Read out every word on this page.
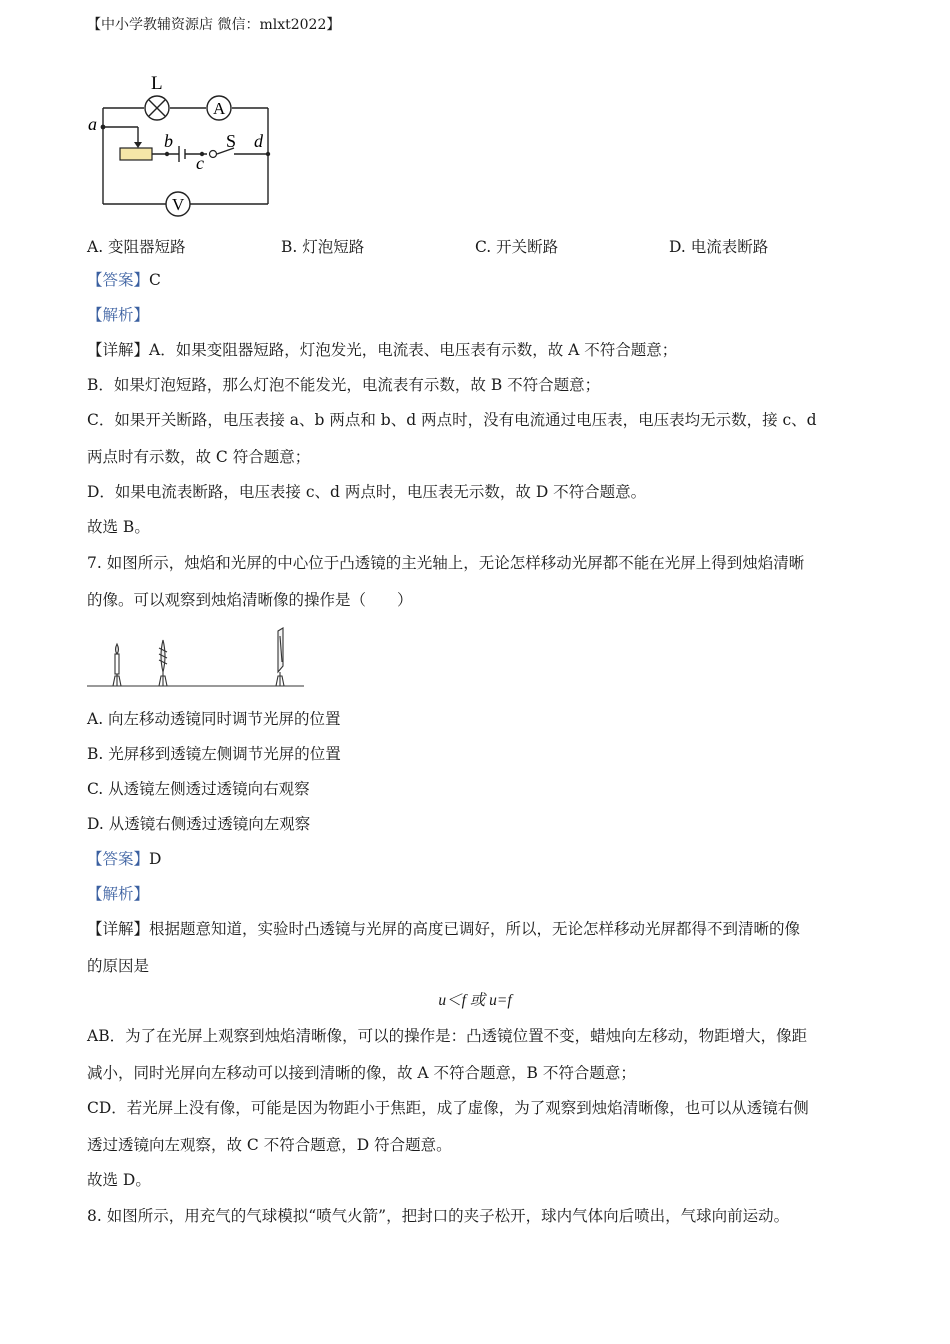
【中小学教辅资源店 微信：mlxt2022】
L
A
V
S
a
b
c
d
A. 变阻器短路	B. 灯泡短路	C. 开关断路	D. 电流表断路
【答案】C
【解析】
【详解】A．如果变阻器短路，灯泡发光，电流表、电压表有示数，故 A 不符合题意；
B．如果灯泡短路，那么灯泡不能发光，电流表有示数，故 B 不符合题意；
C．如果开关断路，电压表接 a、b 两点和 b、d 两点时，没有电流通过电压表，电压表均无示数，接 c、d
两点时有示数，故 C 符合题意；
D．如果电流表断路，电压表接 c、d 两点时，电压表无示数，故 D 不符合题意。
故选 B。
7. 如图所示，烛焰和光屏的中心位于凸透镜的主光轴上，无论怎样移动光屏都不能在光屏上得到烛焰清晰
的像。可以观察到烛焰清晰像的操作是（　　）
A. 向左移动透镜同时调节光屏的位置
B. 光屏移到透镜左侧调节光屏的位置
C. 从透镜左侧透过透镜向右观察
D. 从透镜右侧透过透镜向左观察
【答案】D
【解析】
【详解】根据题意知道，实验时凸透镜与光屏的高度已调好，所以，无论怎样移动光屏都得不到清晰的像
的原因是
u＜f 或 u=f
AB．为了在光屏上观察到烛焰清晰像，可以的操作是：凸透镜位置不变，蜡烛向左移动，物距增大，像距
减小，同时光屏向左移动可以接到清晰的像，故 A 不符合题意，B 不符合题意；
CD．若光屏上没有像，可能是因为物距小于焦距，成了虚像，为了观察到烛焰清晰像，也可以从透镜右侧
透过透镜向左观察，故 C 不符合题意，D 符合题意。
故选 D。
8. 如图所示，用充气的气球模拟“喷气火箭”，把封口的夹子松开，球内气体向后喷出，气球向前运动。
